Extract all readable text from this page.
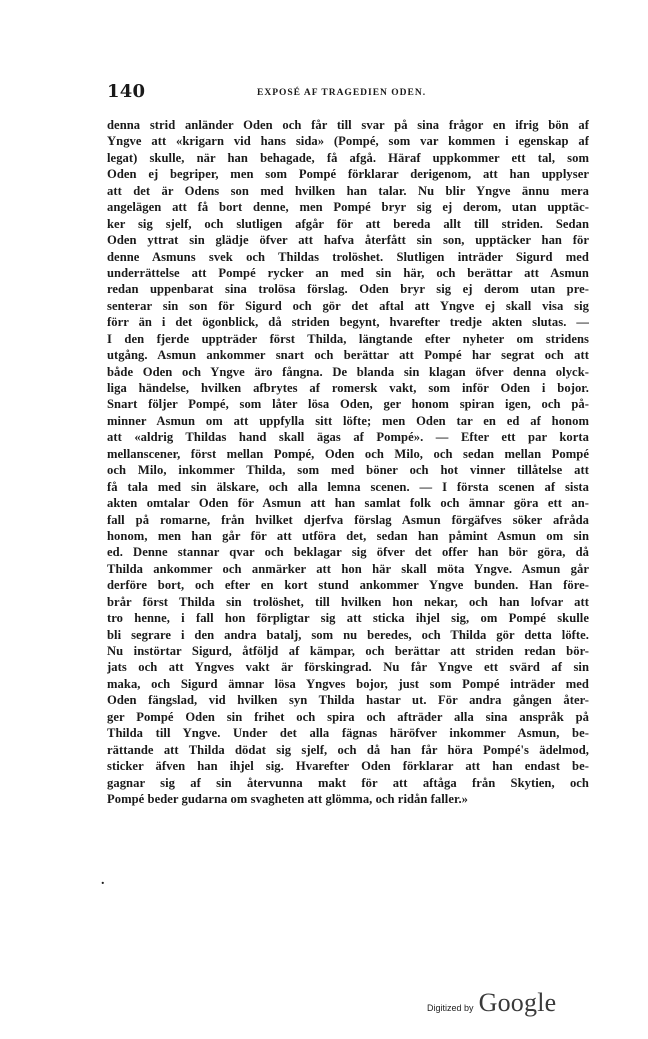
140	EXPOSÉ AF TRAGEDIEN ODEN.
denna strid anländer Oden och får till svar på sina frågor en ifrig bön af
Yngve att «krigarn vid hans sida» (Pompé, som var kommen i egenskap af
legat) skulle, när han behagade, få afgå. Häraf uppkommer ett tal, som
Oden ej begriper, men som Pompé förklarar derigenom, att han upplyser
att det är Odens son med hvilken han talar. Nu blir Yngve ännu mera
angelägen att få bort denne, men Pompé bryr sig ej derom, utan upptäc-
ker sig sjelf, och slutligen afgår för att bereda allt till striden. Sedan
Oden yttrat sin glädje öfver att hafva återfått sin son, upptäcker han för
denne Asmuns svek och Thildas trolöshet. Slutligen inträder Sigurd med
underrättelse att Pompé rycker an med sin här, och berättar att Asmun
redan uppenbarat sina trolösa förslag. Oden bryr sig ej derom utan pre-
senterar sin son för Sigurd och gör det aftal att Yngve ej skall visa sig
förr än i det ögonblick, då striden begynt, hvarefter tredje akten slutas. —
I den fjerde uppträder först Thilda, längtande efter nyheter om stridens
utgång. Asmun ankommer snart och berättar att Pompé har segrat och att
både Oden och Yngve äro fångna. De blanda sin klagan öfver denna olyck-
liga händelse, hvilken afbrytes af romersk vakt, som inför Oden i bojor.
Snart följer Pompé, som låter lösa Oden, ger honom spiran igen, och på-
minner Asmun om att uppfylla sitt löfte; men Oden tar en ed af honom
att «aldrig Thildas hand skall ägas af Pompé». — Efter ett par korta
mellanscener, först mellan Pompé, Oden och Milo, och sedan mellan Pompé
och Milo, inkommer Thilda, som med böner och hot vinner tillåtelse att
få tala med sin älskare, och alla lemna scenen. — I första scenen af sista
akten omtalar Oden för Asmun att han samlat folk och ämnar göra ett an-
fall på romarne, från hvilket djerfva förslag Asmun förgäfves söker afråda
honom, men han går för att utföra det, sedan han påmint Asmun om sin
ed. Denne stannar qvar och beklagar sig öfver det offer han bör göra, då
Thilda ankommer och anmärker att hon här skall möta Yngve. Asmun går
derföre bort, och efter en kort stund ankommer Yngve bunden. Han före-
brår först Thilda sin trolöshet, till hvilken hon nekar, och han lofvar att
tro henne, i fall hon förpligtar sig att sticka ihjel sig, om Pompé skulle
bli segrare i den andra batalj, som nu beredes, och Thilda gör detta löfte.
Nu instörtar Sigurd, åtföljd af kämpar, och berättar att striden redan bör-
jats och att Yngves vakt är förskingrad. Nu får Yngve ett svärd af sin
maka, och Sigurd ämnar lösa Yngves bojor, just som Pompé inträder med
Oden fängslad, vid hvilken syn Thilda hastar ut. För andra gången åter-
ger Pompé Oden sin frihet och spira och afträder alla sina anspråk på
Thilda till Yngve. Under det alla fägnas häröfver inkommer Asmun, be-
rättande att Thilda dödat sig sjelf, och då han får höra Pompé's ädelmod,
sticker äfven han ihjel sig. Hvarefter Oden förklarar att han endast be-
gagnar sig af sin återvunna makt för att aftåga från Skytien, och
Pompé beder gudarna om svagheten att glömma, och ridån faller.»
.
Digitized by Google
